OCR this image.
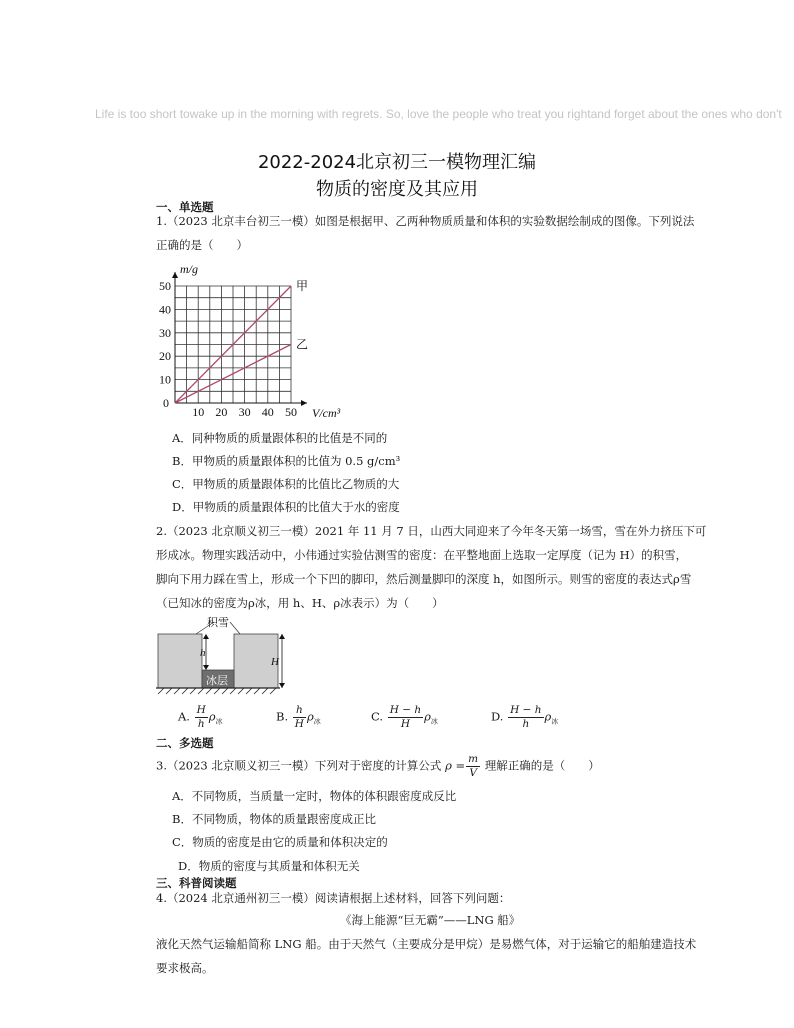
Life is too short towake up in the morning with regrets. So, love the people who treat you rightand forget about the ones who don't
2022-2024北京初三一模物理汇编
物质的密度及其应用
一、单选题
1.（2023 北京丰台初三一模）如图是根据甲、乙两种物质质量和体积的实验数据绘制成的图像。下列说法
正确的是（　　）
10 20 30 40 50
10
20
30
40
50
0
甲
乙
m/g
V/cm³
A．同种物质的质量跟体积的比值是不同的
B．甲物质的质量跟体积的比值为 0.5 g/cm³
C．甲物质的质量跟体积的比值比乙物质的大
D．甲物质的质量跟体积的比值大于水的密度
2.（2023 北京顺义初三一模）2021 年 11 月 7 日，山西大同迎来了今年冬天第一场雪，雪在外力挤压下可
形成冰。物理实践活动中，小伟通过实验估测雪的密度：在平整地面上选取一定厚度（记为 H）的积雪，
脚向下用力踩在雪上，形成一个下凹的脚印，然后测量脚印的深度 h，如图所示。则雪的密度的表达式ρ雪
（已知冰的密度为ρ冰，用 h、H、ρ冰表示）为（　　）
积雪
h
H
冰层
A. $\frac{H}{h} \rho_冰$	B. $\frac{h}{H} \rho_冰$	C. $\frac{H - h}{H} \rho_冰$	D. $\frac{H - h}{h} \rho_冰$
二、多选题
3.（2023 北京顺义初三一模）下列对于密度的计算公式 $\rho = \frac{m}{V}$ 理解正确的是（　　）
A．不同物质，当质量一定时，物体的体积跟密度成反比
B．不同物质，物体的质量跟密度成正比
C．物质的密度是由它的质量和体积决定的
D．物质的密度与其质量和体积无关
三、科普阅读题
4.（2024 北京通州初三一模）阅读请根据上述材料，回答下列问题：
《海上能源“巨无霸”——LNG 船》
液化天然气运输船简称 LNG 船。由于天然气（主要成分是甲烷）是易燃气体，对于运输它的船舶建造技术
要求极高。
